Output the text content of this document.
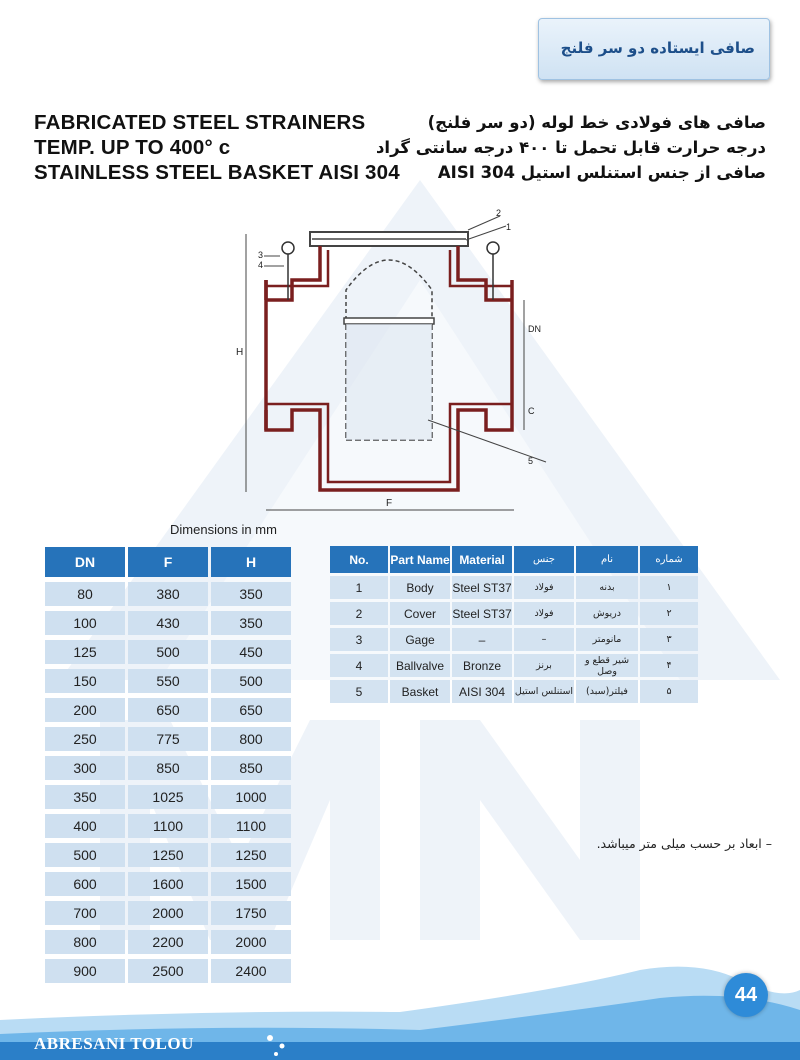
صافی ایستاده دو سر فلنج
FABRICATED STEEL STRAINERS
TEMP. UP TO 400° c
STAINLESS STEEL BASKET AISI 304
صافی های فولادی خط لوله (دو سر فلنج)
درجه حرارت قابل تحمل تا ۴۰۰ درجه سانتی گراد
صافی از جنس استنلس استیل AISI 304
H
F
DN
C
1
2
3
4
5
Dimensions in mm
DN	F	H
80	380	350
100	430	350
125	500	450
150	550	500
200	650	650
250	775	800
300	850	850
350	1025	1000
400	1100	1100
500	1250	1250
600	1600	1500
700	2000	1750
800	2200	2000
900	2500	2400
No.	Part Name	Material	جنس	نام	شماره
1	Body	Steel ST37	فولاد	بدنه	۱
2	Cover	Steel ST37	فولاد	دریوش	۲
3	Gage	–	–	مانومتر	۳
4	Ballvalve	Bronze	برنز	شیر قطع و وصل	۴
5	Basket	AISI 304	استنلس استیل	فیلتر(سبد)	۵
– ابعاد بر حسب میلی متر میباشد.
ABRESANI TOLOU
44
